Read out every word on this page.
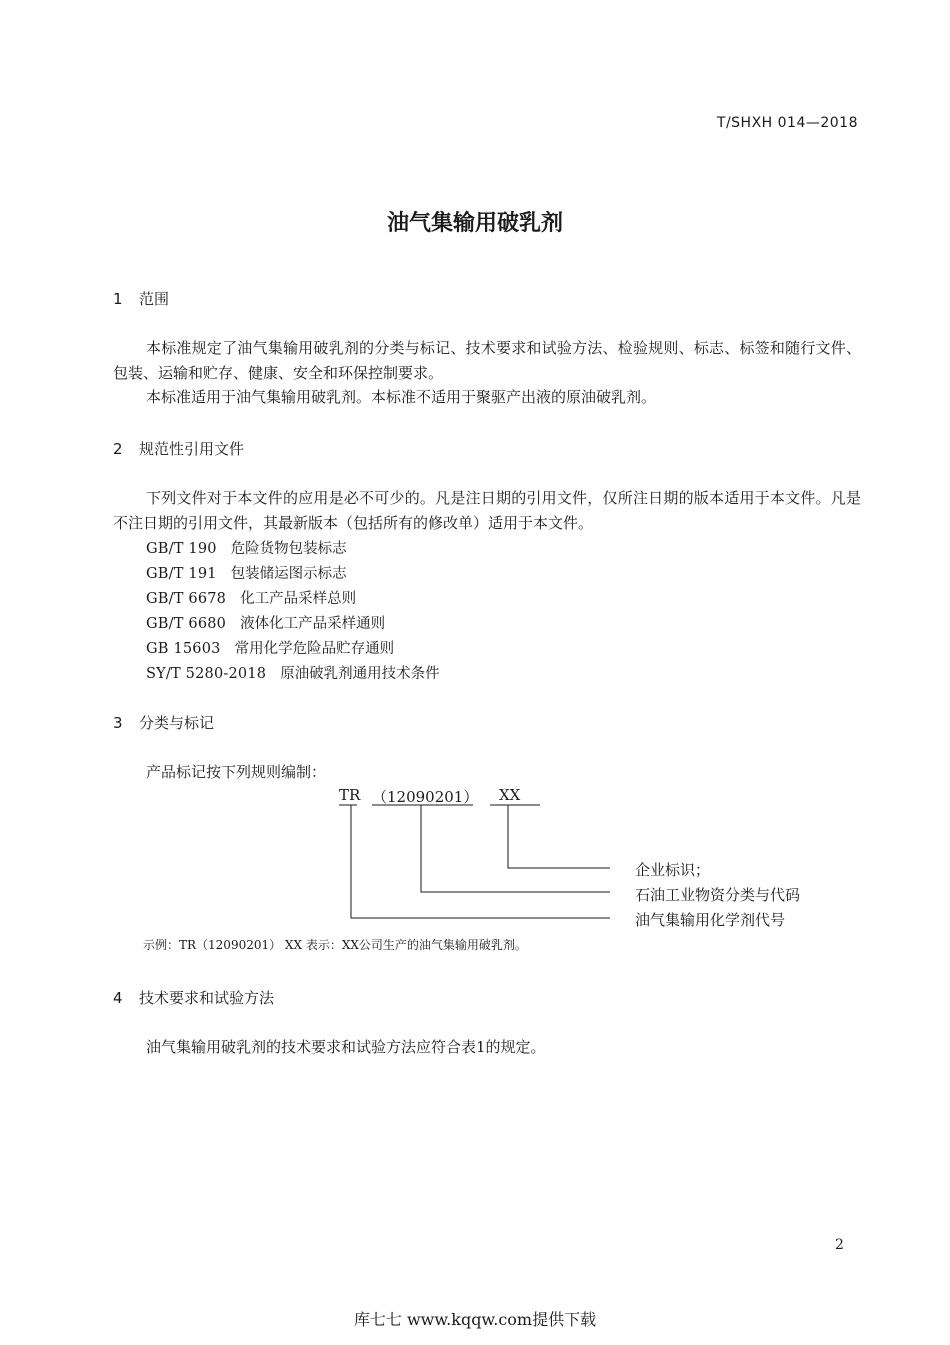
T/SHXH 014—2018
油气集输用破乳剂
1 范围
本标准规定了油气集输用破乳剂的分类与标记、技术要求和试验方法、检验规则、标志、标签和随行文件、包装、运输和贮存、健康、安全和环保控制要求。
本标准适用于油气集输用破乳剂。本标准不适用于聚驱产出液的原油破乳剂。
2 规范性引用文件
下列文件对于本文件的应用是必不可少的。凡是注日期的引用文件，仅所注日期的版本适用于本文件。凡是不注日期的引用文件，其最新版本（包括所有的修改单）适用于本文件。
GB/T 190 危险货物包装标志
GB/T 191 包装储运图示标志
GB/T 6678 化工产品采样总则
GB/T 6680 液体化工产品采样通则
GB 15603 常用化学危险品贮存通则
SY/T 5280-2018 原油破乳剂通用技术条件
3 分类与标记
产品标记按下列规则编制：
TR （12090201） XX
企业标识；
石油工业物资分类与代码
油气集输用化学剂代号
示例：TR（12090201） XX 表示：XX公司生产的油气集输用破乳剂。
4 技术要求和试验方法
油气集输用破乳剂的技术要求和试验方法应符合表1的规定。
2
库七七 www.kqqw.com提供下载
